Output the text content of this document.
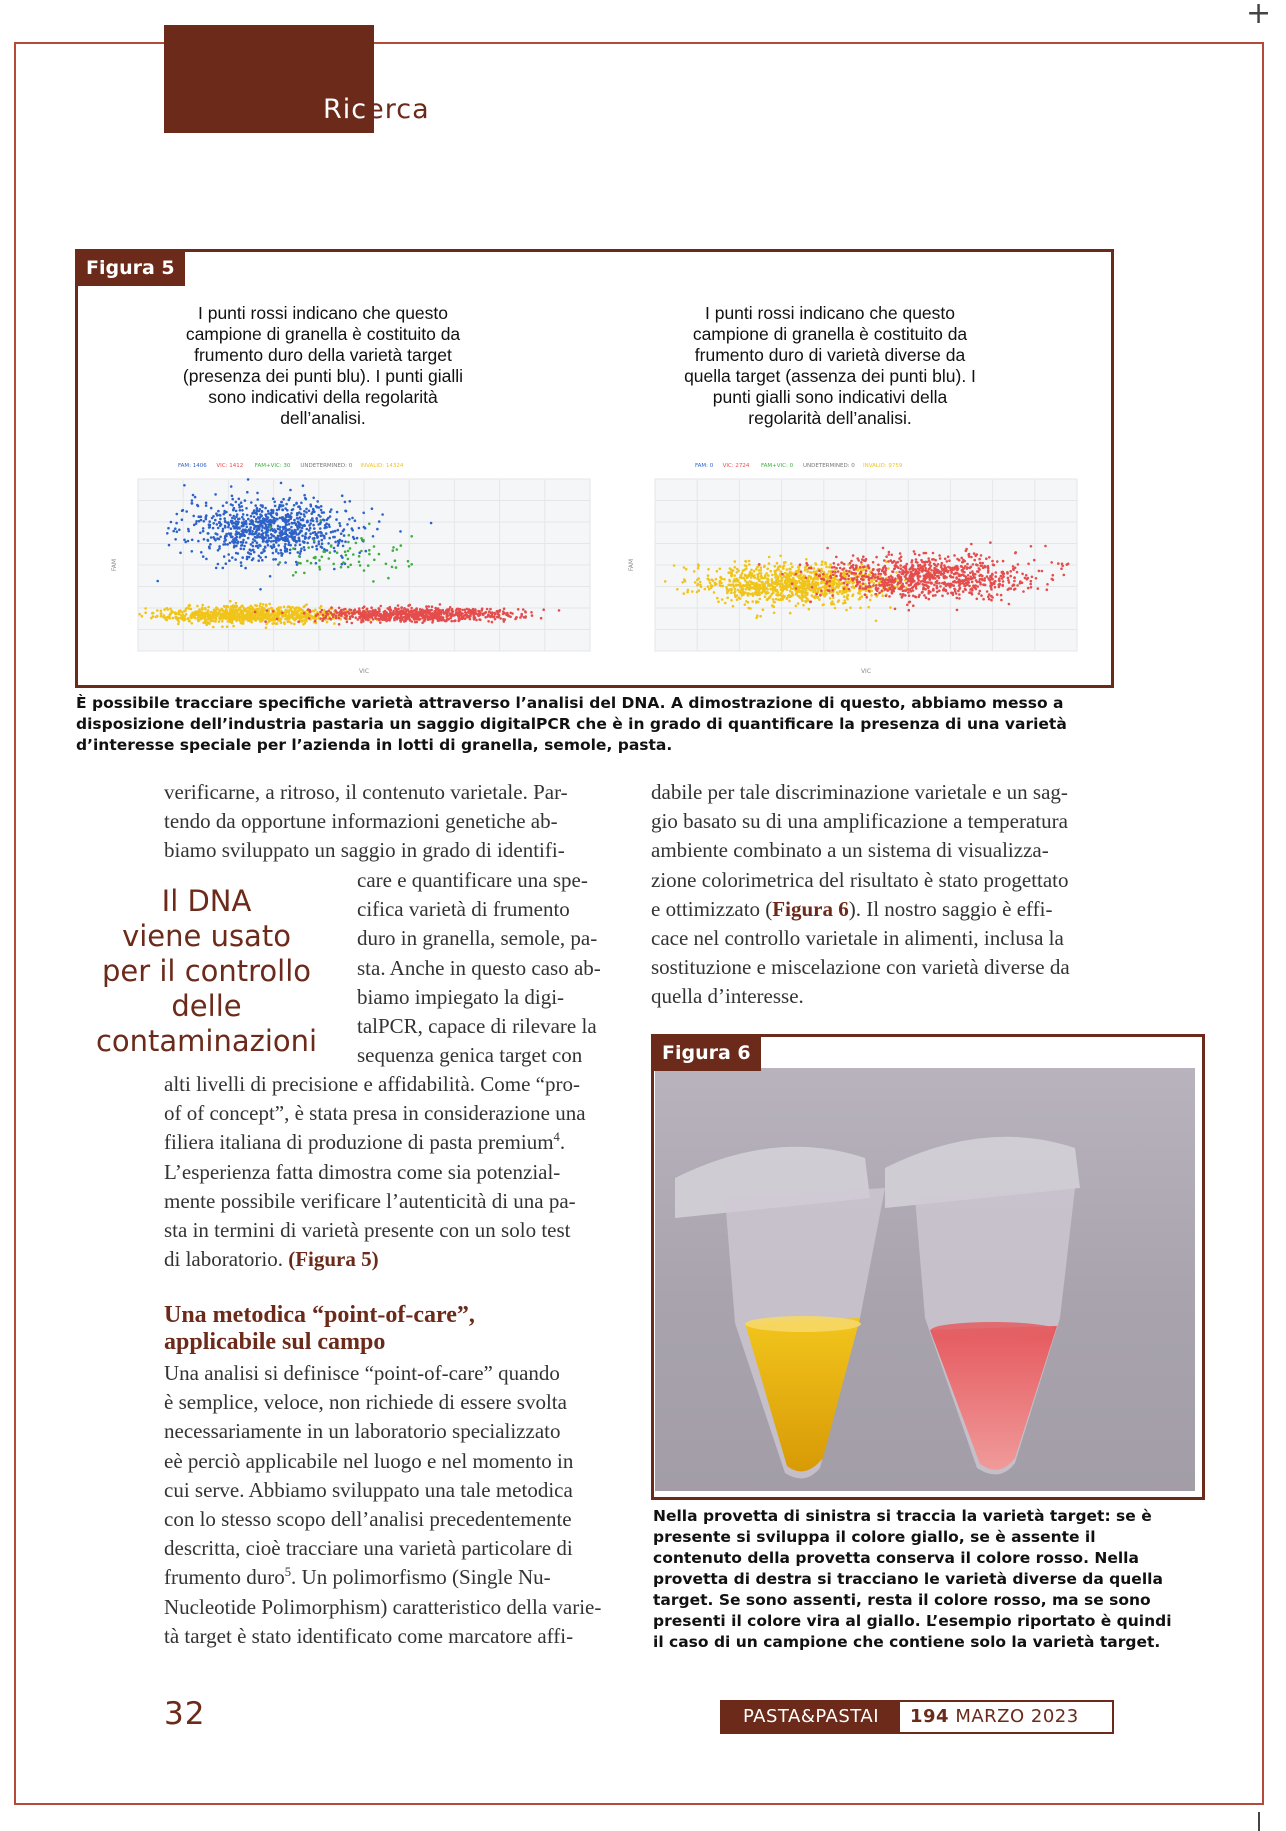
+
Ricerca
Figura 5
I punti rossi indicano che questo
campione di granella è costituito da
frumento duro della varietà target
(presenza dei punti blu). I punti gialli
sono indicativi della regolarità
dell’analisi.
I punti rossi indicano che questo
campione di granella è costituito da
frumento duro di varietà diverse da
quella target (assenza dei punti blu). I
punti gialli sono indicativi della
regolarità dell’analisi.
FAM: 1406 VIC: 1412 FAM+VIC: 30 UNDETERMINED: 0 INVALID: 14324
VIC
FAM
FAM: 0 VIC: 2724 FAM+VIC: 0 UNDETERMINED: 0 INVALID: 9759
VIC
FAM
È possibile tracciare specifiche varietà attraverso l’analisi del DNA. A dimostrazione di questo, abbiamo messo a
disposizione dell’industria pastaria un saggio digitalPCR che è in grado di quantificare la presenza di una varietà
d’interesse speciale per l’azienda in lotti di granella, semole, pasta.
verificarne, a ritroso, il contenuto varietale. Par-
tendo da opportune informazioni genetiche ab-
biamo sviluppato un saggio in grado di identifi-
care e quantificare una spe-
cifica varietà di frumento
duro in granella, semole, pa-
sta. Anche in questo caso ab-
biamo impiegato la digi-
talPCR, capace di rilevare la
sequenza genica target con
Il DNA
viene usato
per il controllo
delle
contaminazioni
alti livelli di precisione e affidabilità. Come “pro-
of of concept”, è stata presa in considerazione una
filiera italiana di produzione di pasta premium$^4$.
L’esperienza fatta dimostra come sia potenzial-
mente possibile verificare l’autenticità di una pa-
sta in termini di varietà presente con un solo test
di laboratorio. (Figura 5)
Una metodica “point-of-care”,
applicabile sul campo
Una analisi si definisce “point-of-care” quando
è semplice, veloce, non richiede di essere svolta
necessariamente in un laboratorio specializzato
eè perciò applicabile nel luogo e nel momento in
cui serve. Abbiamo sviluppato una tale metodica
con lo stesso scopo dell’analisi precedentemente
descritta, cioè tracciare una varietà particolare di
frumento duro$^5$. Un polimorfismo (Single Nu-
Nucleotide Polimorphism) caratteristico della varie-
tà target è stato identificato come marcatore affi-
dabile per tale discriminazione varietale e un sag-
gio basato su di una amplificazione a temperatura
ambiente combinato a un sistema di visualizza-
zione colorimetrica del risultato è stato progettato
e ottimizzato (Figura 6). Il nostro saggio è effi-
cace nel controllo varietale in alimenti, inclusa la
sostituzione e miscelazione con varietà diverse da
quella d’interesse.
Figura 6
Nella provetta di sinistra si traccia la varietà target: se è
presente si sviluppa il colore giallo, se è assente il
contenuto della provetta conserva il colore rosso. Nella
provetta di destra si tracciano le varietà diverse da quella
target. Se sono assenti, resta il colore rosso, ma se sono
presenti il colore vira al giallo. L’esempio riportato è quindi
il caso di un campione che contiene solo la varietà target.
32	PASTA&PASTAI	194 MARZO 2023
